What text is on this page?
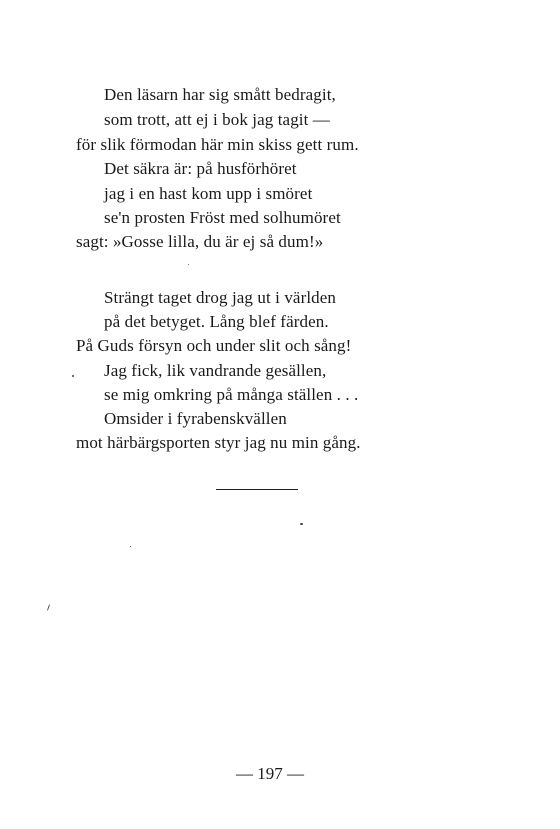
Den läsarn har sig smått bedragit,
som trott, att ej i bok jag tagit —
för slik förmodan här min skiss gett rum.
Det säkra är: på husförhöret
jag i en hast kom upp i smöret
se'n prosten Fröst med solhumöret
sagt: »Gosse lilla, du är ej så dum!»
Strängt taget drog jag ut i världen
på det betyget. Lång blef färden.
På Guds försyn och under slit och sång!
Jag fick, lik vandrande gesällen,
se mig omkring på många ställen . . .
Omsider i fyrabenskvällen
mot härbärgsporten styr jag nu min gång.
— 197 —
